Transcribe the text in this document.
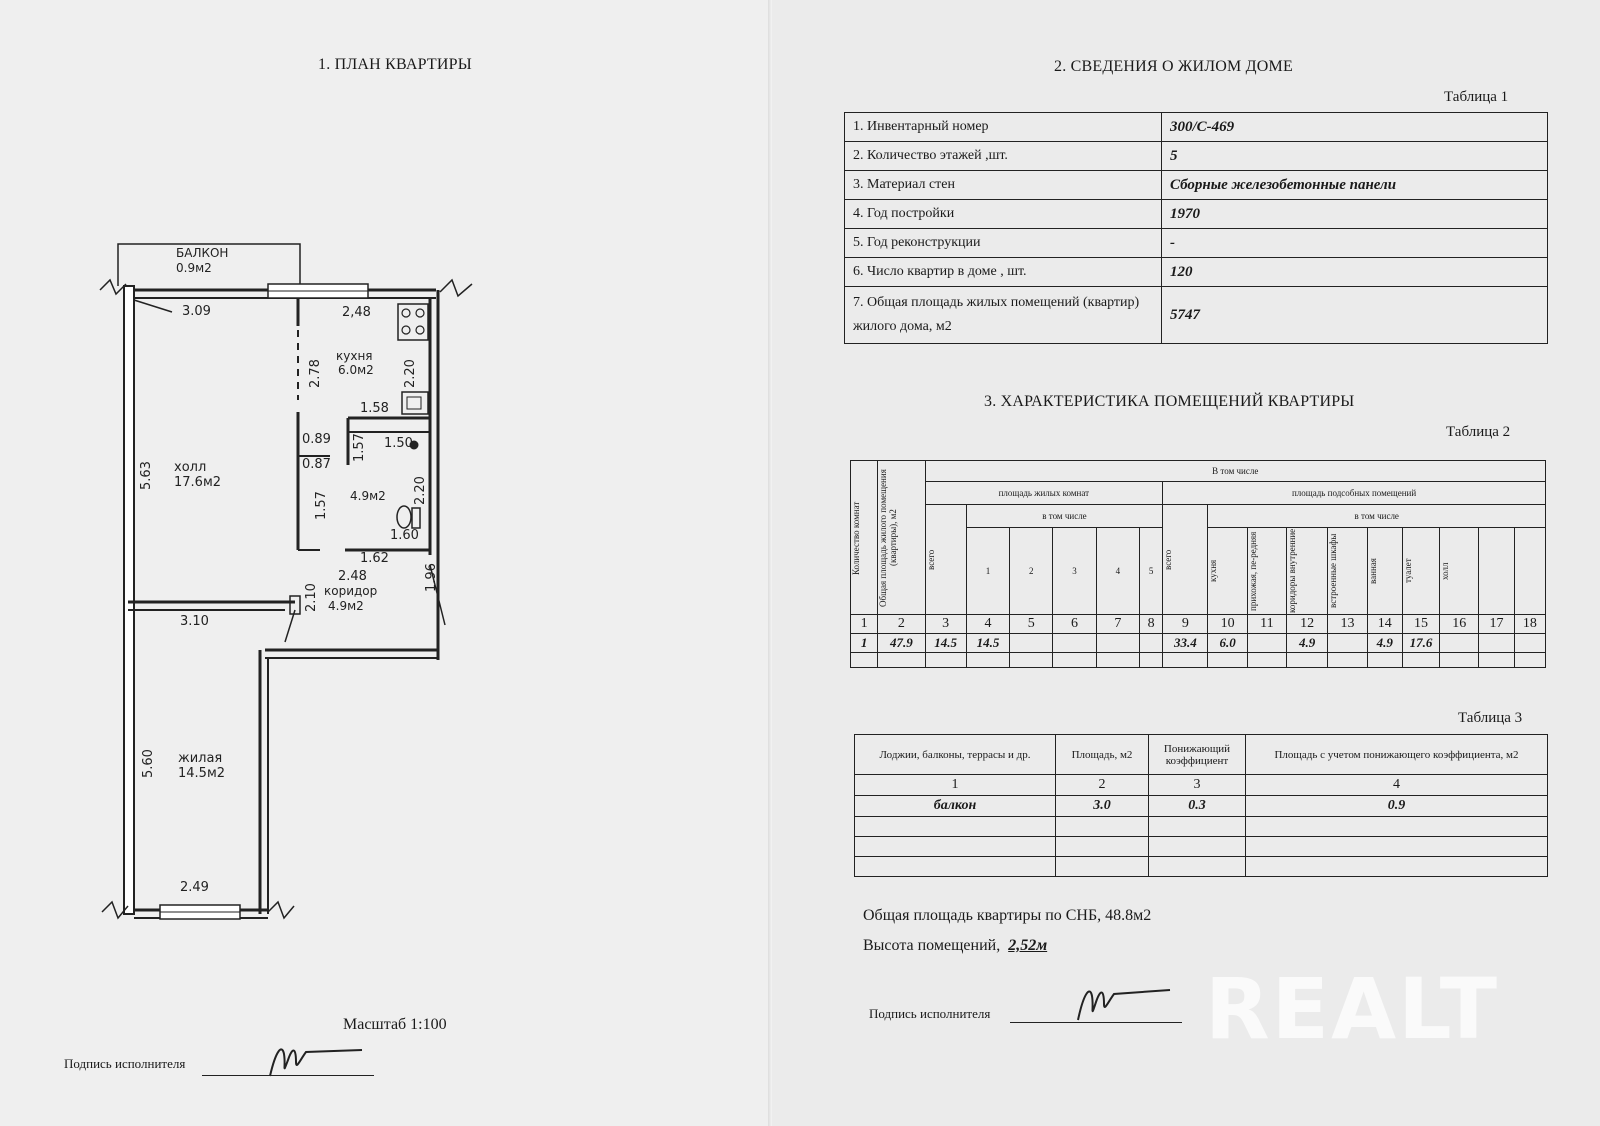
1. ПЛАН КВАРТИРЫ
БАЛКОН
0.9м2
3.09	2,48
кухня
6.0м2
2.78	2.20
1.58
0.89 1.57 1.50
0.87
2.20
4.9м2
1.57
1.60
1.62
2.48	1.96
2.10 коридор
4.9м2
холл
17.6м2
5.63
3.10
жилая
14.5м2
5.60
2.49
Масштаб 1:100
Подпись исполнителя
2. СВЕДЕНИЯ О ЖИЛОМ ДОМЕ
Таблица 1
1. Инвентарный номер	300/С-469
2. Количество этажей ,шт.	5
3. Материал стен	Сборные железобетонные панели
4. Год постройки	1970
5. Год реконструкции	-
6. Число квартир в доме , шт.	120
7. Общая площадь жилых помещений (квартир) жилого дома, м2	5747
3. ХАРАКТЕРИСТИКА ПОМЕЩЕНИЙ КВАРТИРЫ
Таблица 2
Количество комнат	Общая площадь жилого помещения (квартиры), м2	В том числе															
		площадь жилых комнат						площадь подсобных помещений									

		всего	в том числе					всего	в том числе								
			1	2	3	4	5		кухня	прихожая, пе-редняя	коридоры внутренние	встроенные шкафы	ванная	туалет	холл		

1	2	3	4	5	6	7	8	9	10	11	12	13	14	15	16	17	18
1	47.9	14.5	14.5					33.4	6.0		4.9		4.9	17.6			

Таблица 3
Лоджии, балконы, террасы и др.	Площадь, м2	Понижающий коэффициент	Площадь с учетом понижающего коэффициента, м2
1	2	3	4
балкон	3.0	0.3	0.9

Общая площадь квартиры по СНБ, 48.8м2
Высота помещений, 2,52м
Подпись исполнителя	REALT
